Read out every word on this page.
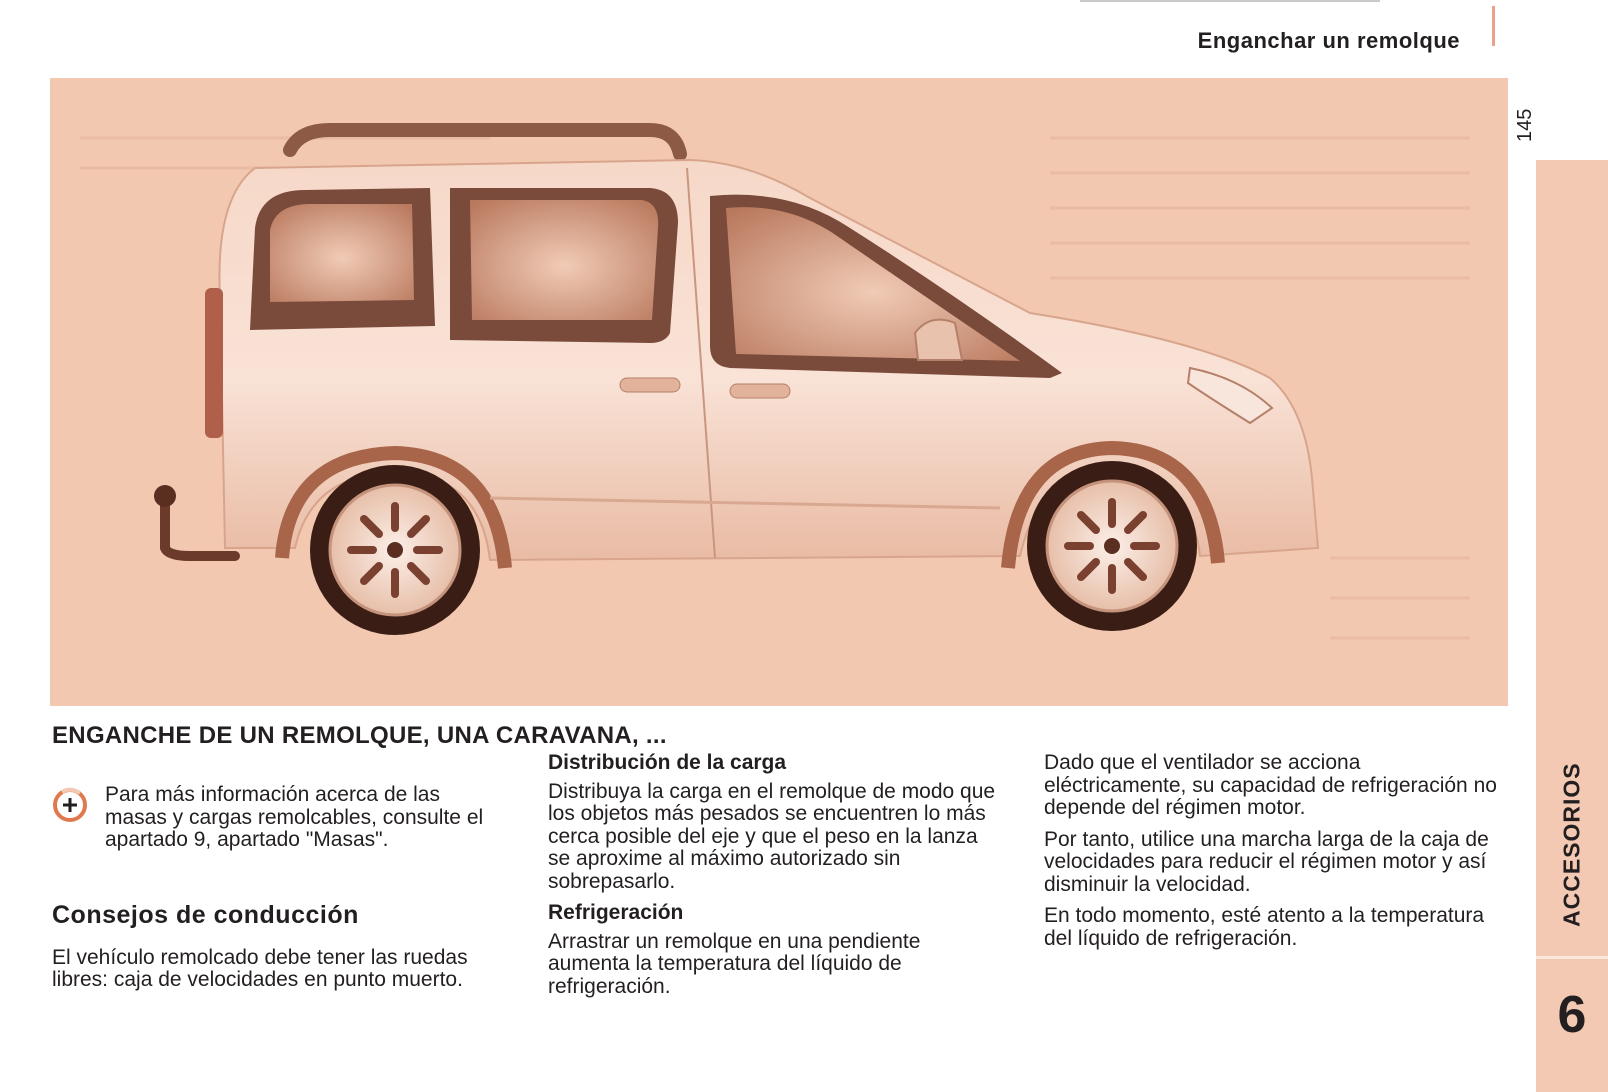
Enganchar un remolque
145
ACCESORIOS
6
ENGANCHE DE UN REMOLQUE, UNA CARAVANA, ...

Para más información acerca de las masas y cargas remolcables, consulte el apartado 9, apartado "Masas".

Consejos de conducción

El vehículo remolcado debe tener las ruedas libres: caja de velocidades en punto muerto.

Distribución de la carga

Distribuya la carga en el remolque de modo que los objetos más pesados se encuentren lo más cerca posible del eje y que el peso en la lanza se aproxime al máximo autorizado sin sobrepasarlo.

Refrigeración

Arrastrar un remolque en una pendiente aumenta la temperatura del líquido de refrigeración.

Dado que el ventilador se acciona eléctricamente, su capacidad de refrigeración no depende del régimen motor.

Por tanto, utilice una marcha larga de la caja de velocidades para reducir el régimen motor y así disminuir la velocidad.

En todo momento, esté atento a la temperatura del líquido de refrigeración.
